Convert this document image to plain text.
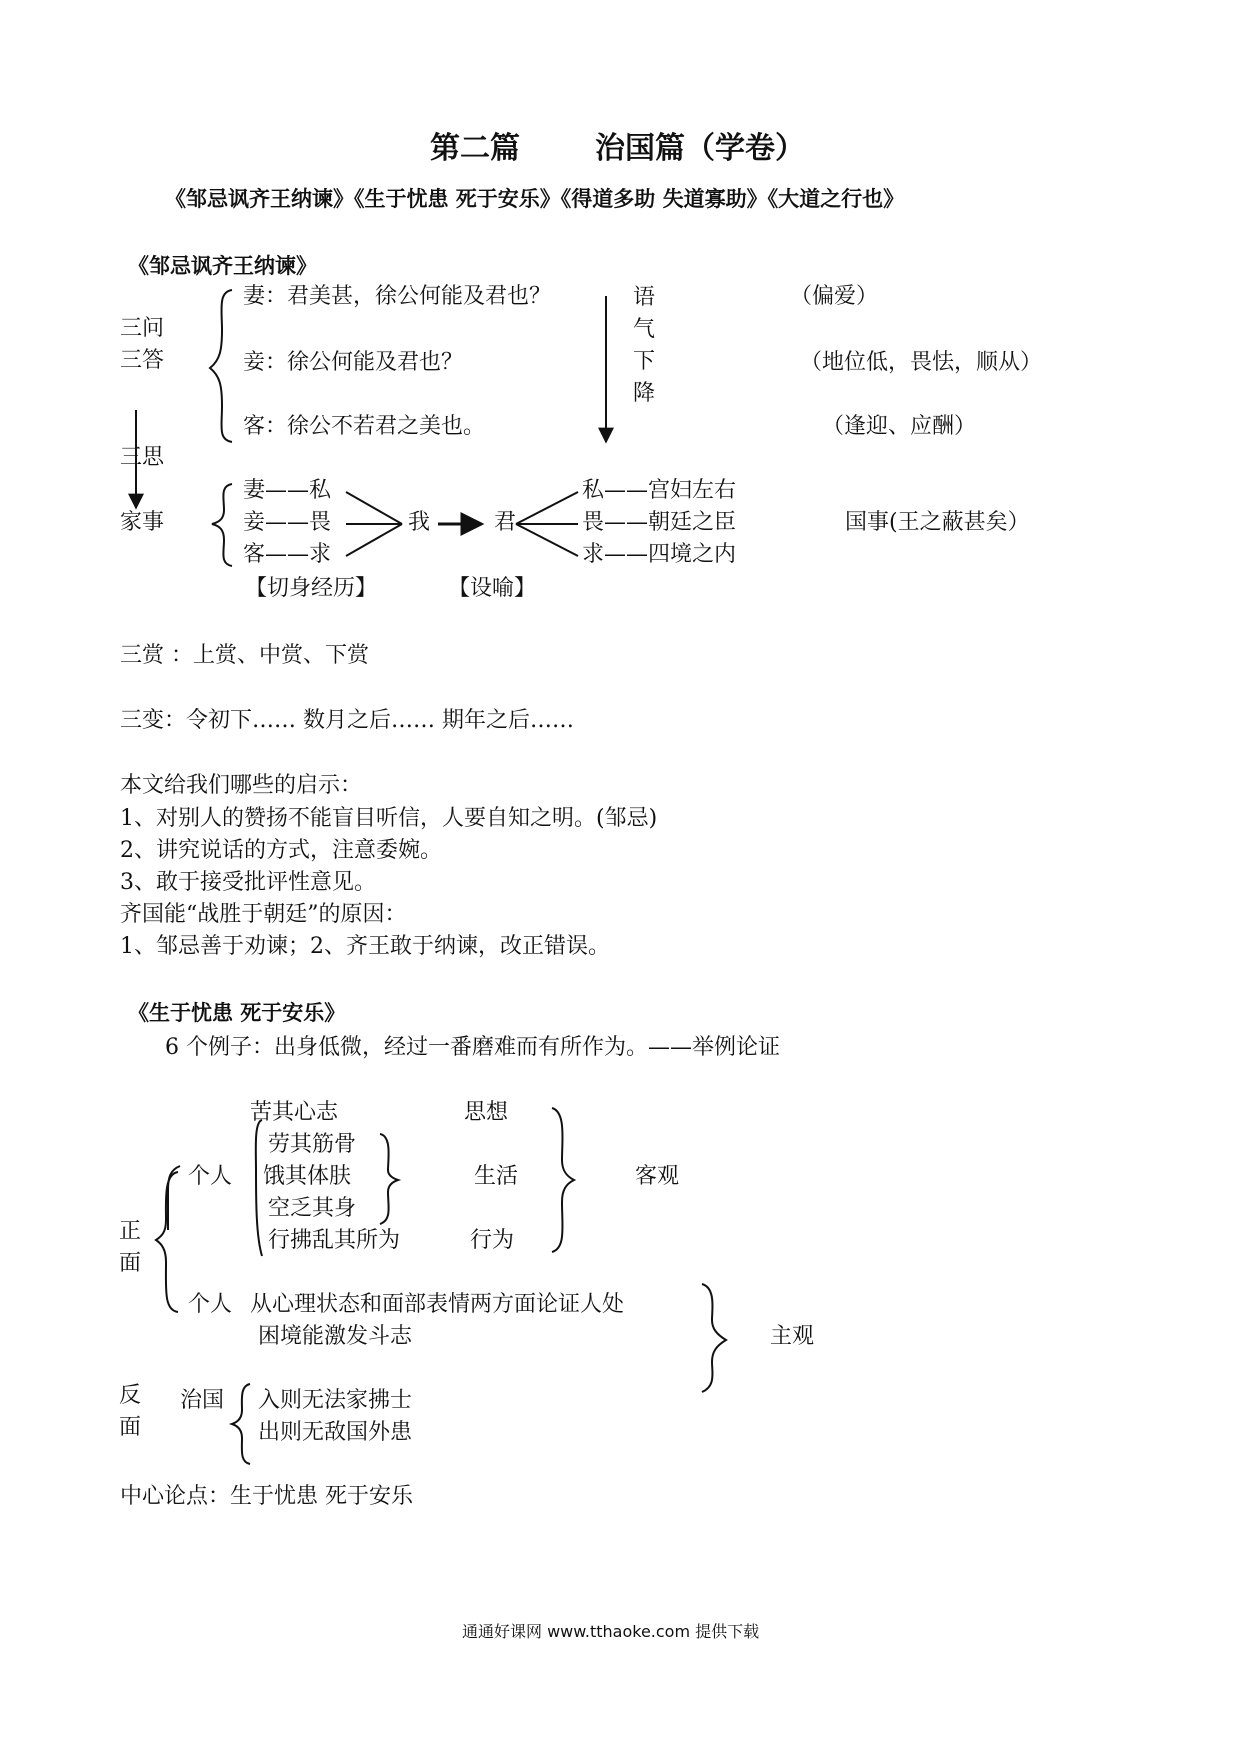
第二篇	治国篇（学卷）
《邹忌讽齐王纳谏》《生于忧患 死于安乐》《得道多助 失道寡助》《大道之行也》
《邹忌讽齐王纳谏》
三问
三答
妻：君美甚，徐公何能及君也？
妾：徐公何能及君也？
客：徐公不若君之美也。
语气下降
（偏爱）
（地位低，畏怯，顺从）
（逢迎、应酬）
三思
家事
妻——私
妾——畏
客——求
我	君
私——宫妇左右
畏——朝廷之臣
求——四境之内
国事(王之蔽甚矣）
【切身经历】	【设喻】
三赏 ：上赏、中赏、下赏
三变：令初下…… 数月之后…… 期年之后……
本文给我们哪些的启示：
1、对别人的赞扬不能盲目听信，人要自知之明。(邹忌)
2、讲究说话的方式，注意委婉。
3、敢于接受批评性意见。
齐国能“战胜于朝廷”的原因：
1、邹忌善于劝谏；2、齐王敢于纳谏，改正错误。
《生于忧患 死于安乐》
6 个例子：出身低微，经过一番磨难而有所作为。——举例论证
苦其心志
劳其筋骨
饿其体肤
空乏其身
行拂乱其所为
思想
生活
行为
客观
个人
正面
个人 从心理状态和面部表情两方面论证人处
困境能激发斗志	主观
反面
治国 入则无法家拂士
出则无敌国外患
中心论点：生于忧患 死于安乐
通通好课网 www.tthaoke.com 提供下载
